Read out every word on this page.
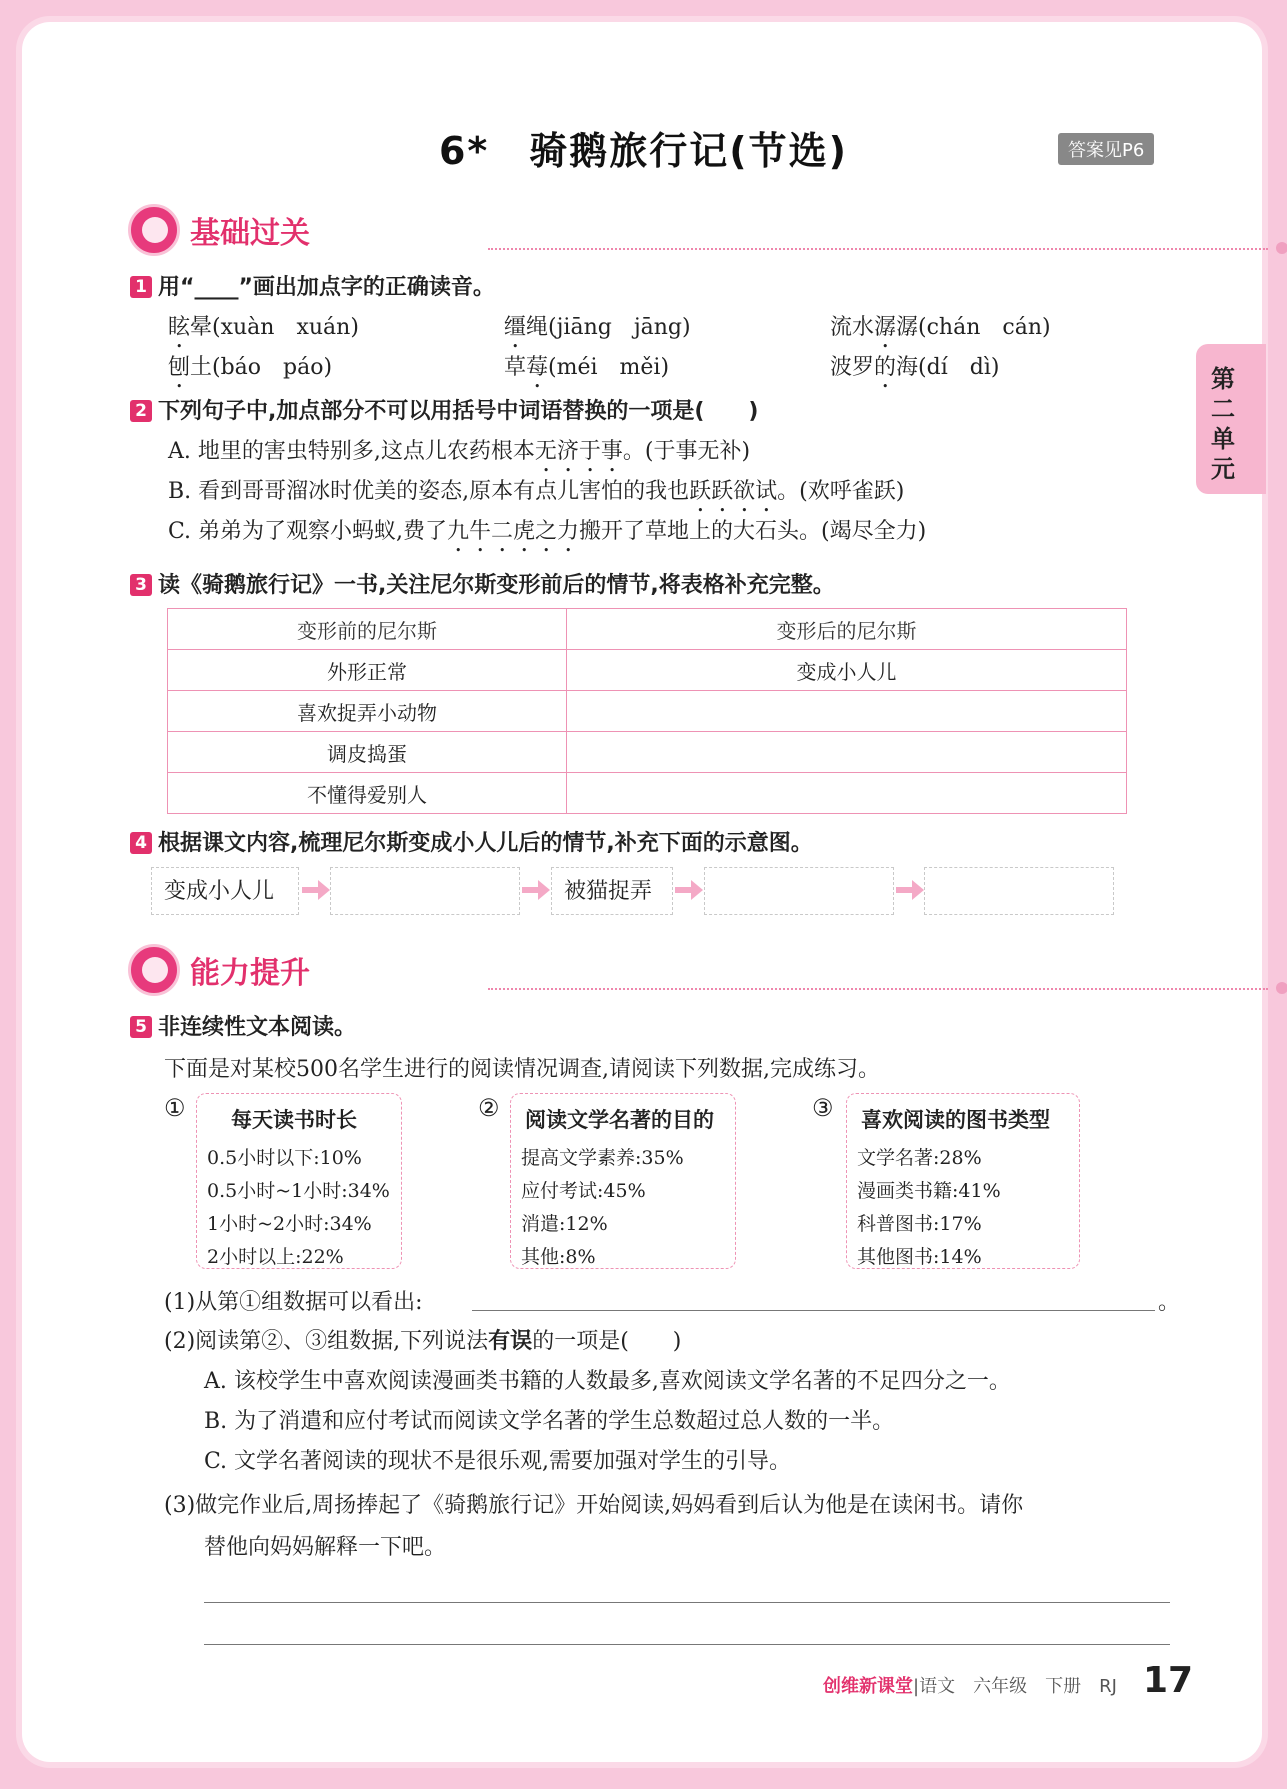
6*　骑鹅旅行记(节选)	答案见P6
第二单元
基础过关
1 用“____”画出加点字的正确读音。
眩晕(xuàn　xuán)	缰绳(jiāng　jāng)	流水潺潺(chán　cán)
刨土(báo　páo)	草莓(méi　měi)	波罗的海(dí　dì)
2 下列句子中,加点部分不可以用括号中词语替换的一项是(　　)
A. 地里的害虫特别多,这点儿农药根本无济于事。(于事无补)
B. 看到哥哥溜冰时优美的姿态,原本有点儿害怕的我也跃跃欲试。(欢呼雀跃)
C. 弟弟为了观察小蚂蚁,费了九牛二虎之力搬开了草地上的大石头。(竭尽全力)
3 读《骑鹅旅行记》一书,关注尼尔斯变形前后的情节,将表格补充完整。
变形前的尼尔斯	变形后的尼尔斯
外形正常	变成小人儿
喜欢捉弄小动物	
调皮捣蛋	
不懂得爱别人	
4 根据课文内容,梳理尼尔斯变成小人儿后的情节,补充下面的示意图。
变成小人儿	被猫捉弄
能力提升
5 非连续性文本阅读。
下面是对某校500名学生进行的阅读情况调查,请阅读下列数据,完成练习。
① 每天读书时长
0.5小时以下:10%
0.5小时~1小时:34%
1小时~2小时:34%
2小时以上:22%
② 阅读文学名著的目的
提高文学素养:35%
应付考试:45%
消遣:12%
其他:8%
③ 喜欢阅读的图书类型
文学名著:28%
漫画类书籍:41%
科普图书:17%
其他图书:14%
(1)从第①组数据可以看出:	。
(2)阅读第②、③组数据,下列说法有误的一项是(　　)
A. 该校学生中喜欢阅读漫画类书籍的人数最多,喜欢阅读文学名著的不足四分之一。
B. 为了消遣和应付考试而阅读文学名著的学生总数超过总人数的一半。
C. 文学名著阅读的现状不是很乐观,需要加强对学生的引导。
(3)做完作业后,周扬捧起了《骑鹅旅行记》开始阅读,妈妈看到后认为他是在读闲书。请你
替他向妈妈解释一下吧。
创维新课堂|语文　六年级　下册　RJ 17
